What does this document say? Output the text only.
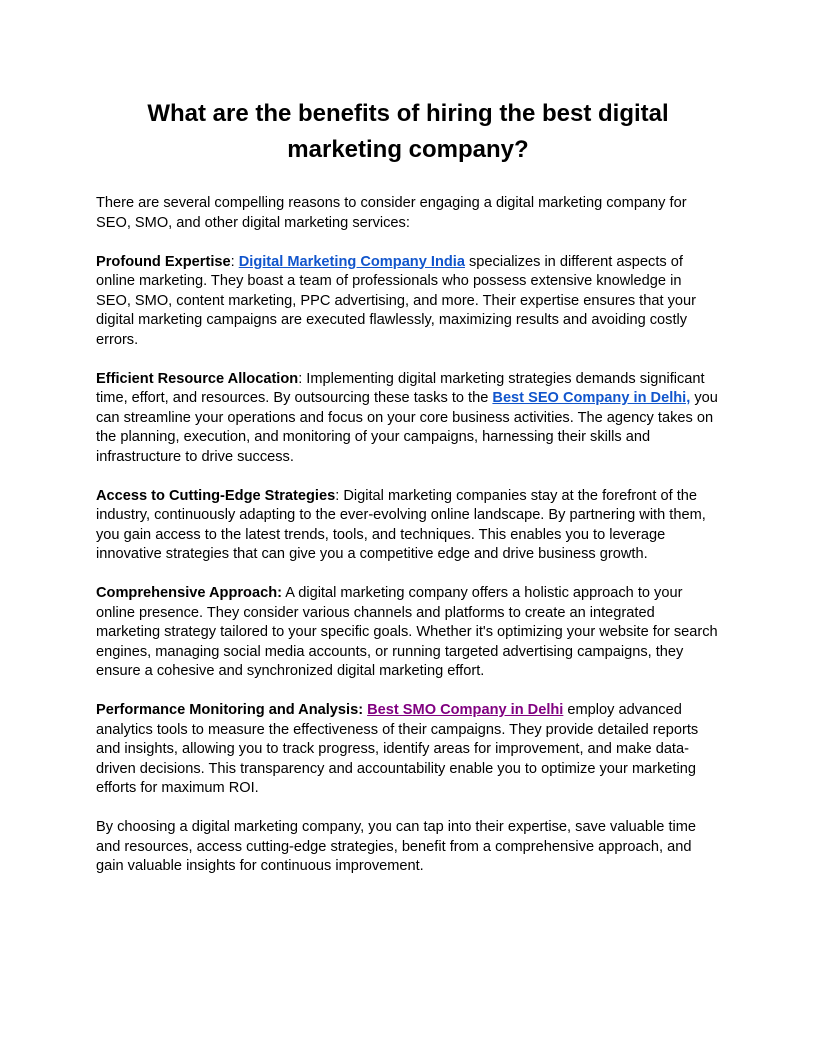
What are the benefits of hiring the best digital marketing company?

There are several compelling reasons to consider engaging a digital marketing company for SEO, SMO, and other digital marketing services:

Profound Expertise: Digital Marketing Company India specializes in different aspects of online marketing. They boast a team of professionals who possess extensive knowledge in SEO, SMO, content marketing, PPC advertising, and more. Their expertise ensures that your digital marketing campaigns are executed flawlessly, maximizing results and avoiding costly errors.

Efficient Resource Allocation: Implementing digital marketing strategies demands significant time, effort, and resources. By outsourcing these tasks to the Best SEO Company in Delhi, you can streamline your operations and focus on your core business activities. The agency takes on the planning, execution, and monitoring of your campaigns, harnessing their skills and infrastructure to drive success.

Access to Cutting-Edge Strategies: Digital marketing companies stay at the forefront of the industry, continuously adapting to the ever-evolving online landscape. By partnering with them, you gain access to the latest trends, tools, and techniques. This enables you to leverage innovative strategies that can give you a competitive edge and drive business growth.

Comprehensive Approach: A digital marketing company offers a holistic approach to your online presence. They consider various channels and platforms to create an integrated marketing strategy tailored to your specific goals. Whether it's optimizing your website for search engines, managing social media accounts, or running targeted advertising campaigns, they ensure a cohesive and synchronized digital marketing effort.

Performance Monitoring and Analysis: Best SMO Company in Delhi employ advanced analytics tools to measure the effectiveness of their campaigns. They provide detailed reports and insights, allowing you to track progress, identify areas for improvement, and make data-driven decisions. This transparency and accountability enable you to optimize your marketing efforts for maximum ROI.

By choosing a digital marketing company, you can tap into their expertise, save valuable time and resources, access cutting-edge strategies, benefit from a comprehensive approach, and gain valuable insights for continuous improvement.
